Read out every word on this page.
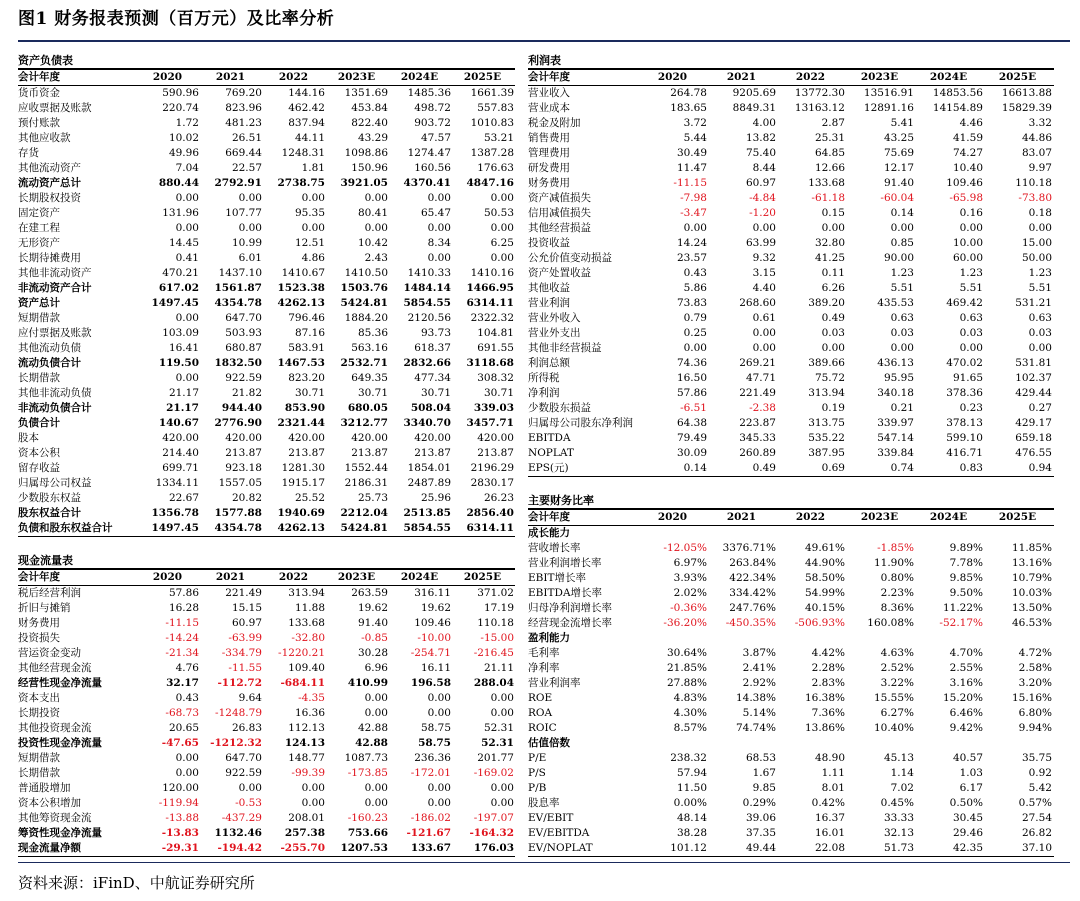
图1 财务报表预测（百万元）及比率分析
资产负债表
会计年度	2020	2021	2022	2023E	2024E	2025E
货币资金	590.96	769.20	144.16	1351.69	1485.36	1661.39
应收票据及账款	220.74	823.96	462.42	453.84	498.72	557.83
预付账款	1.72	481.23	837.94	822.40	903.72	1010.83
其他应收款	10.02	26.51	44.11	43.29	47.57	53.21
存货	49.96	669.44	1248.31	1098.86	1274.47	1387.28
其他流动资产	7.04	22.57	1.81	150.96	160.56	176.63
流动资产总计	880.44	2792.91	2738.75	3921.05	4370.41	4847.16
长期股权投资	0.00	0.00	0.00	0.00	0.00	0.00
固定资产	131.96	107.77	95.35	80.41	65.47	50.53
在建工程	0.00	0.00	0.00	0.00	0.00	0.00
无形资产	14.45	10.99	12.51	10.42	8.34	6.25
长期待摊费用	0.41	6.01	4.86	2.43	0.00	0.00
其他非流动资产	470.21	1437.10	1410.67	1410.50	1410.33	1410.16
非流动资产合计	617.02	1561.87	1523.38	1503.76	1484.14	1466.95
资产总计	1497.45	4354.78	4262.13	5424.81	5854.55	6314.11
短期借款	0.00	647.70	796.46	1884.20	2120.56	2322.32
应付票据及账款	103.09	503.93	87.16	85.36	93.73	104.81
其他流动负债	16.41	680.87	583.91	563.16	618.37	691.55
流动负债合计	119.50	1832.50	1467.53	2532.71	2832.66	3118.68
长期借款	0.00	922.59	823.20	649.35	477.34	308.32
其他非流动负债	21.17	21.82	30.71	30.71	30.71	30.71
非流动负债合计	21.17	944.40	853.90	680.05	508.04	339.03
负债合计	140.67	2776.90	2321.44	3212.77	3340.70	3457.71
股本	420.00	420.00	420.00	420.00	420.00	420.00
资本公积	214.40	213.87	213.87	213.87	213.87	213.87
留存收益	699.71	923.18	1281.30	1552.44	1854.01	2196.29
归属母公司权益	1334.11	1557.05	1915.17	2186.31	2487.89	2830.17
少数股东权益	22.67	20.82	25.52	25.73	25.96	26.23
股东权益合计	1356.78	1577.88	1940.69	2212.04	2513.85	2856.40
负债和股东权益合计	1497.45	4354.78	4262.13	5424.81	5854.55	6314.11
现金流量表
会计年度	2020	2021	2022	2023E	2024E	2025E
税后经营利润	57.86	221.49	313.94	263.59	316.11	371.02
折旧与摊销	16.28	15.15	11.88	19.62	19.62	17.19
财务费用	-11.15	60.97	133.68	91.40	109.46	110.18
投资损失	-14.24	-63.99	-32.80	-0.85	-10.00	-15.00
营运资金变动	-21.34	-334.79	-1220.21	30.28	-254.71	-216.45
其他经营现金流	4.76	-11.55	109.40	6.96	16.11	21.11
经营性现金净流量	32.17	-112.72	-684.11	410.99	196.58	288.04
资本支出	0.43	9.64	-4.35	0.00	0.00	0.00
长期投资	-68.73	-1248.79	16.36	0.00	0.00	0.00
其他投资现金流	20.65	26.83	112.13	42.88	58.75	52.31
投资性现金净流量	-47.65	-1212.32	124.13	42.88	58.75	52.31
短期借款	0.00	647.70	148.77	1087.73	236.36	201.77
长期借款	0.00	922.59	-99.39	-173.85	-172.01	-169.02
普通股增加	120.00	0.00	0.00	0.00	0.00	0.00
资本公积增加	-119.94	-0.53	0.00	0.00	0.00	0.00
其他筹资现金流	-13.88	-437.29	208.01	-160.23	-186.02	-197.07
筹资性现金净流量	-13.83	1132.46	257.38	753.66	-121.67	-164.32
现金流量净额	-29.31	-194.42	-255.70	1207.53	133.67	176.03
利润表
会计年度	2020	2021	2022	2023E	2024E	2025E
营业收入	264.78	9205.69	13772.30	13516.91	14853.56	16613.88
营业成本	183.65	8849.31	13163.12	12891.16	14154.89	15829.39
税金及附加	3.72	4.00	2.87	5.41	4.46	3.32
销售费用	5.44	13.82	25.31	43.25	41.59	44.86
管理费用	30.49	75.40	64.85	75.69	74.27	83.07
研发费用	11.47	8.44	12.66	12.17	10.40	9.97
财务费用	-11.15	60.97	133.68	91.40	109.46	110.18
资产减值损失	-7.98	-4.84	-61.18	-60.04	-65.98	-73.80
信用减值损失	-3.47	-1.20	0.15	0.14	0.16	0.18
其他经营损益	0.00	0.00	0.00	0.00	0.00	0.00
投资收益	14.24	63.99	32.80	0.85	10.00	15.00
公允价值变动损益	23.57	9.32	41.25	90.00	60.00	50.00
资产处置收益	0.43	3.15	0.11	1.23	1.23	1.23
其他收益	5.86	4.40	6.26	5.51	5.51	5.51
营业利润	73.83	268.60	389.20	435.53	469.42	531.21
营业外收入	0.79	0.61	0.49	0.63	0.63	0.63
营业外支出	0.25	0.00	0.03	0.03	0.03	0.03
其他非经营损益	0.00	0.00	0.00	0.00	0.00	0.00
利润总额	74.36	269.21	389.66	436.13	470.02	531.81
所得税	16.50	47.71	75.72	95.95	91.65	102.37
净利润	57.86	221.49	313.94	340.18	378.36	429.44
少数股东损益	-6.51	-2.38	0.19	0.21	0.23	0.27
归属母公司股东净利润	64.38	223.87	313.75	339.97	378.13	429.17
EBITDA	79.49	345.33	535.22	547.14	599.10	659.18
NOPLAT	30.09	260.89	387.95	339.84	416.71	476.55
EPS(元)	0.14	0.49	0.69	0.74	0.83	0.94
主要财务比率
会计年度	2020	2021	2022	2023E	2024E	2025E
成长能力
营收增长率	-12.05%	3376.71%	49.61%	-1.85%	9.89%	11.85%
营业利润增长率	6.97%	263.84%	44.90%	11.90%	7.78%	13.16%
EBIT增长率	3.93%	422.34%	58.50%	0.80%	9.85%	10.79%
EBITDA增长率	2.02%	334.42%	54.99%	2.23%	9.50%	10.03%
归母净利润增长率	-0.36%	247.76%	40.15%	8.36%	11.22%	13.50%
经营现金流增长率	-36.20%	-450.35%	-506.93%	160.08%	-52.17%	46.53%
盈利能力
毛利率	30.64%	3.87%	4.42%	4.63%	4.70%	4.72%
净利率	21.85%	2.41%	2.28%	2.52%	2.55%	2.58%
营业利润率	27.88%	2.92%	2.83%	3.22%	3.16%	3.20%
ROE	4.83%	14.38%	16.38%	15.55%	15.20%	15.16%
ROA	4.30%	5.14%	7.36%	6.27%	6.46%	6.80%
ROIC	8.57%	74.74%	13.86%	10.40%	9.42%	9.94%
估值倍数
P/E	238.32	68.53	48.90	45.13	40.57	35.75
P/S	57.94	1.67	1.11	1.14	1.03	0.92
P/B	11.50	9.85	8.01	7.02	6.17	5.42
股息率	0.00%	0.29%	0.42%	0.45%	0.50%	0.57%
EV/EBIT	48.14	39.06	16.37	33.33	30.45	27.54
EV/EBITDA	38.28	37.35	16.01	32.13	29.46	26.82
EV/NOPLAT	101.12	49.44	22.08	51.73	42.35	37.10
资料来源：iFinD、中航证券研究所
